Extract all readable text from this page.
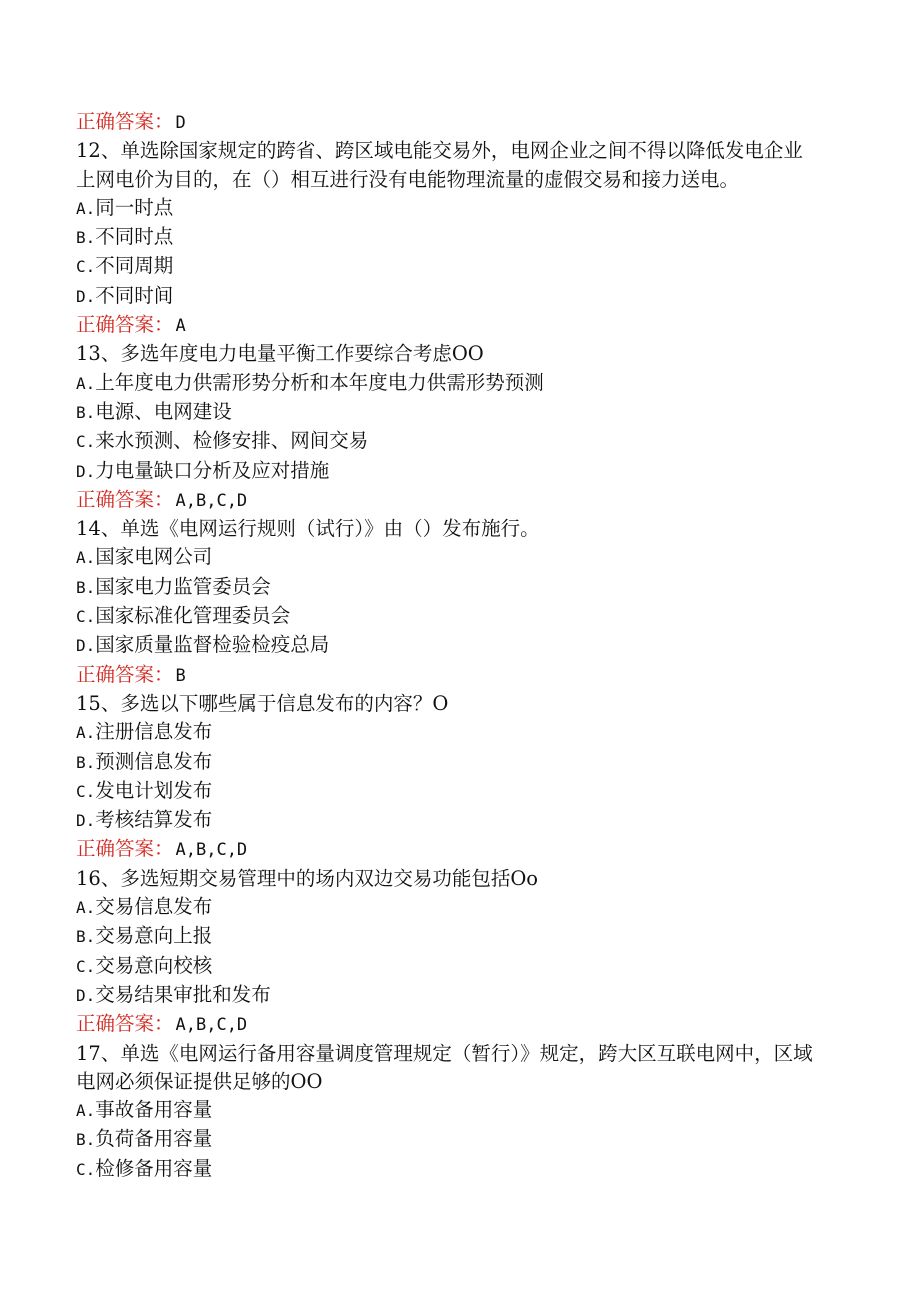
正确答案： D
12、单选除国家规定的跨省、跨区域电能交易外，电网企业之间不得以降低发电企业上网电价为目的，在（）相互进行没有电能物理流量的虚假交易和接力送电。
A.同一时点
B.不同时点
C.不同周期
D.不同时间
正确答案： A
13、多选年度电力电量平衡工作要综合考虑OO
A.上年度电力供需形势分析和本年度电力供需形势预测
B.电源、电网建设
C.来水预测、检修安排、网间交易
D.力电量缺口分析及应对措施
正确答案： A,B,C,D
14、单选《电网运行规则（试行）》由（）发布施行。
A.国家电网公司
B.国家电力监管委员会
C.国家标准化管理委员会
D.国家质量监督检验检疫总局
正确答案： B
15、多选以下哪些属于信息发布的内容？O
A.注册信息发布
B.预测信息发布
C.发电计划发布
D.考核结算发布
正确答案： A,B,C,D
16、多选短期交易管理中的场内双边交易功能包括Oo
A.交易信息发布
B.交易意向上报
C.交易意向校核
D.交易结果审批和发布
正确答案： A,B,C,D
17、单选《电网运行备用容量调度管理规定（暂行）》规定，跨大区互联电网中，区域电网必须保证提供足够的OO
A.事故备用容量
B.负荷备用容量
C.检修备用容量
